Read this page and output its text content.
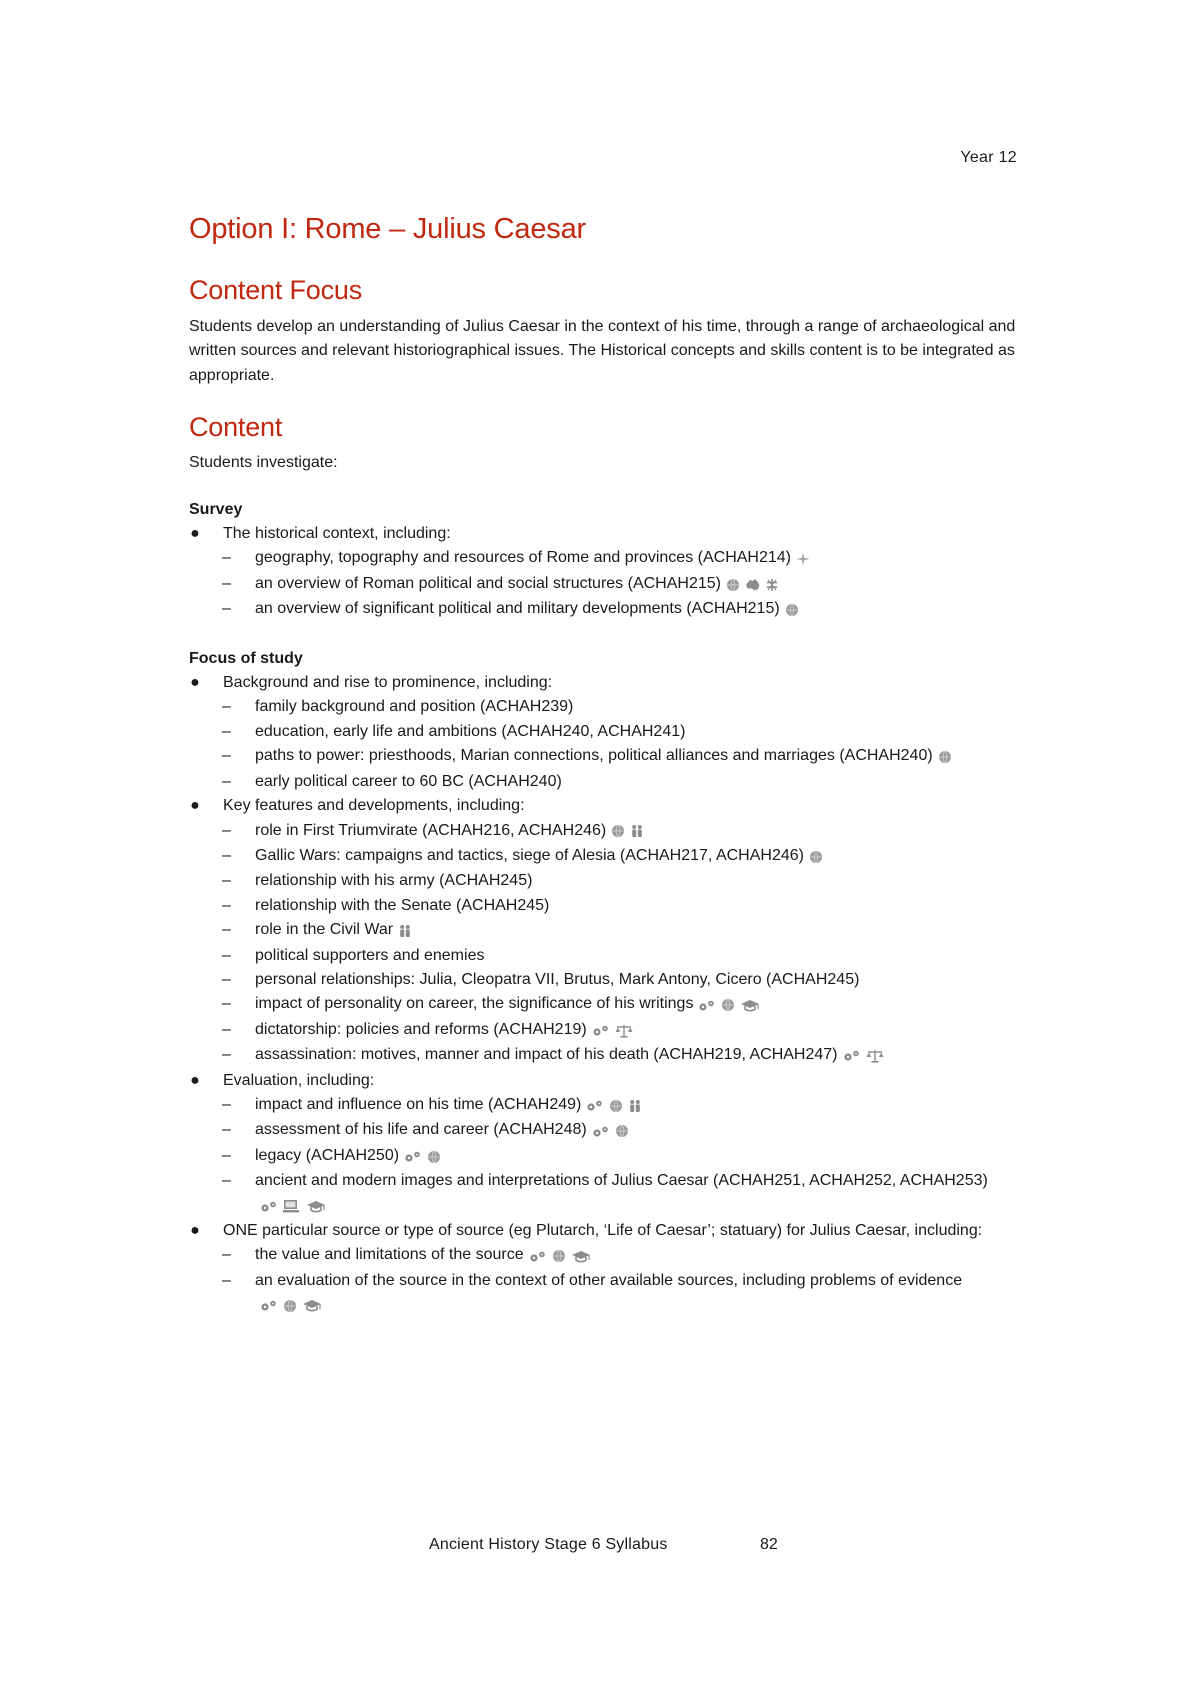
Year 12
Option I: Rome – Julius Caesar
Content Focus

Students develop an understanding of Julius Caesar in the context of his time, through a range of archaeological and written sources and relevant historiographical issues. The Historical concepts and skills content is to be integrated as appropriate.

Content

Students investigate:

Survey
● The historical context, including:
– geography, topography and resources of Rome and provinces (ACHAH214)
– an overview of Roman political and social structures (ACHAH215)
– an overview of significant political and military developments (ACHAH215)
Focus of study
● Background and rise to prominence, including:
– family background and position (ACHAH239)
– education, early life and ambitions (ACHAH240, ACHAH241)
– paths to power: priesthoods, Marian connections, political alliances and marriages (ACHAH240)
– early political career to 60 BC (ACHAH240)
● Key features and developments, including:
– role in First Triumvirate (ACHAH216, ACHAH246)
– Gallic Wars: campaigns and tactics, siege of Alesia (ACHAH217, ACHAH246)
– relationship with his army (ACHAH245)
– relationship with the Senate (ACHAH245)
– role in the Civil War
– political supporters and enemies
– personal relationships: Julia, Cleopatra VII, Brutus, Mark Antony, Cicero (ACHAH245)
– impact of personality on career, the significance of his writings
– dictatorship: policies and reforms (ACHAH219)
– assassination: motives, manner and impact of his death (ACHAH219, ACHAH247)
● Evaluation, including:
– impact and influence on his time (ACHAH249)
– assessment of his life and career (ACHAH248)
– legacy (ACHAH250)
– ancient and modern images and interpretations of Julius Caesar (ACHAH251, ACHAH252, ACHAH253)
● ONE particular source or type of source (eg Plutarch, ‘Life of Caesar’; statuary) for Julius Caesar, including:
– the value and limitations of the source
– an evaluation of the source in the context of other available sources, including problems of evidence
Ancient History Stage 6 Syllabus	82
